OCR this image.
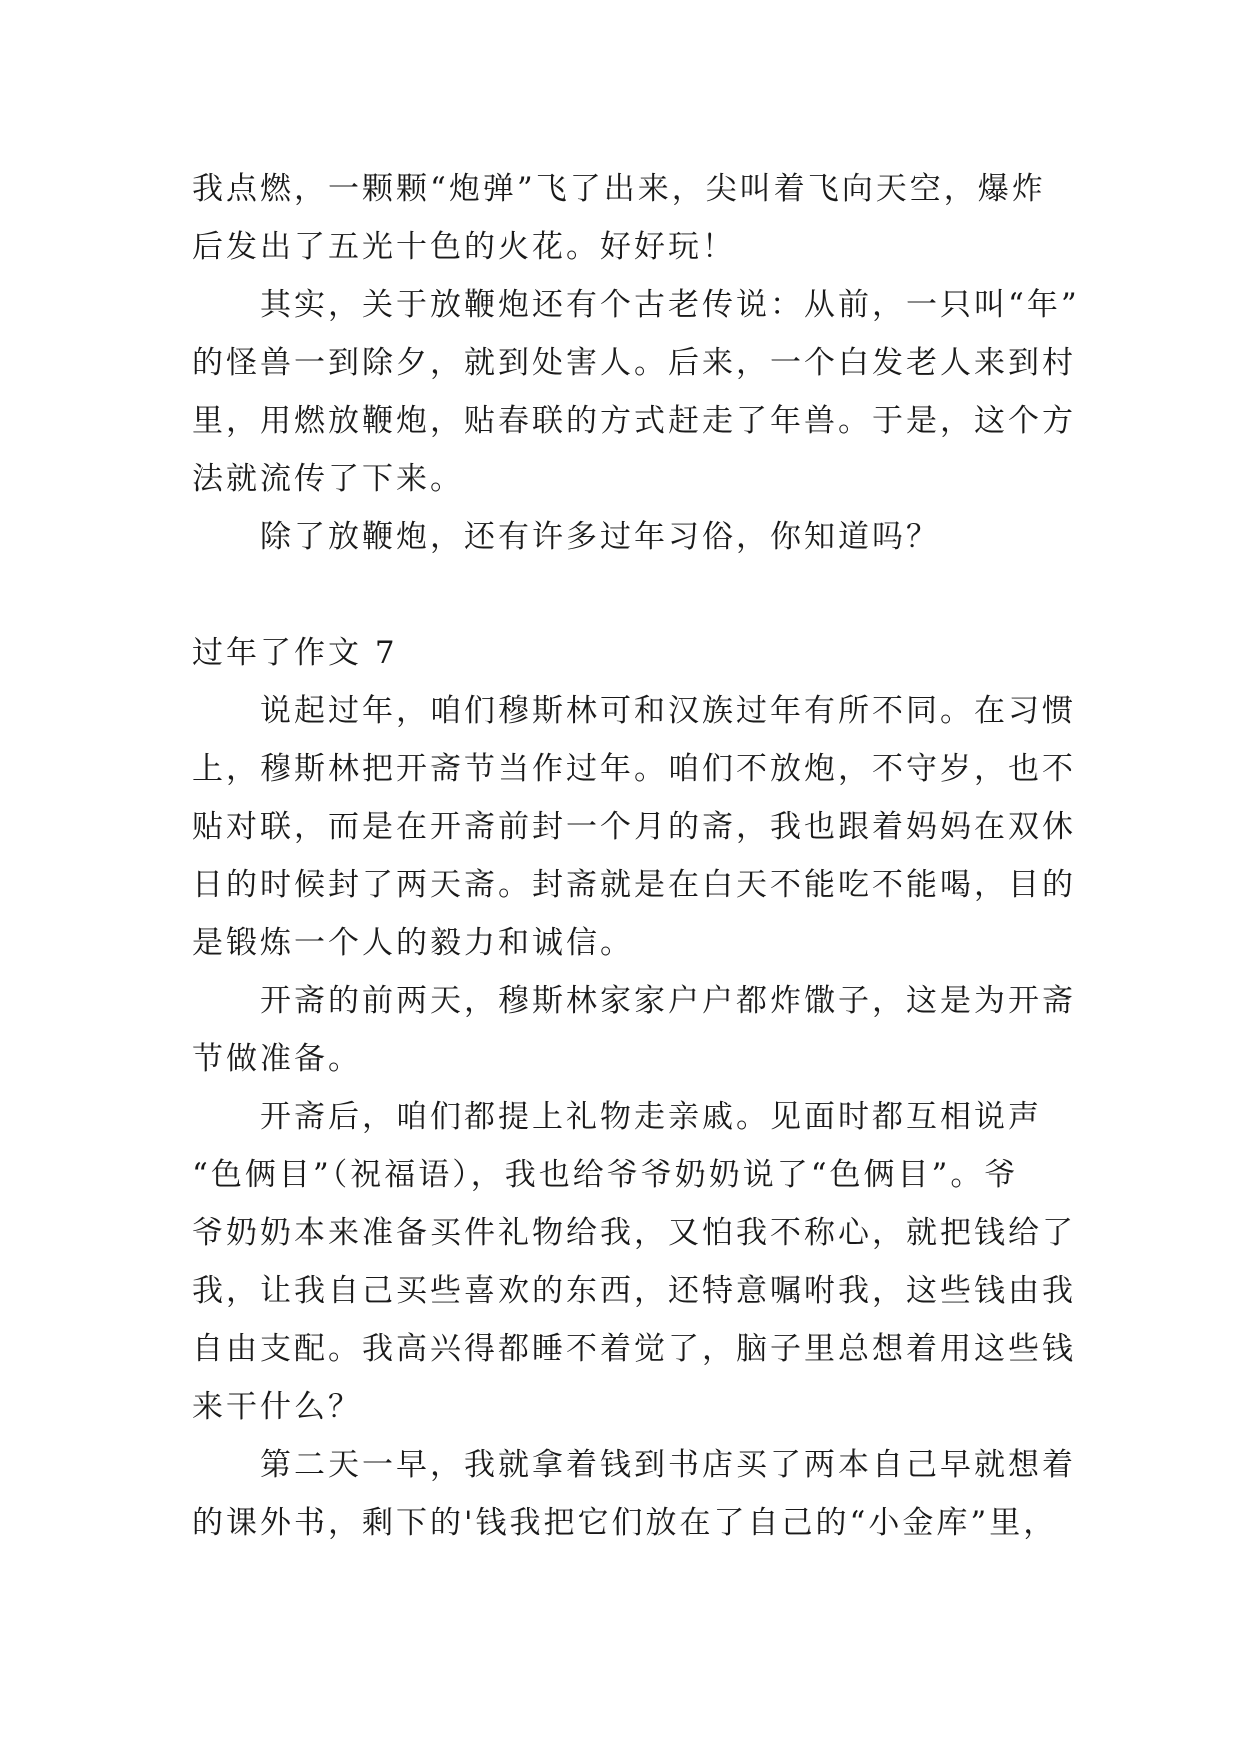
我点燃，一颗颗“炮弹”飞了出来，尖叫着飞向天空，爆炸

后发出了五光十色的火花。好好玩！

其实，关于放鞭炮还有个古老传说：从前，一只叫“年”

的怪兽一到除夕，就到处害人。后来，一个白发老人来到村

里，用燃放鞭炮，贴春联的方式赶走了年兽。于是，这个方

法就流传了下来。

除了放鞭炮，还有许多过年习俗，你知道吗？

过年了作文 7

说起过年，咱们穆斯林可和汉族过年有所不同。在习惯

上，穆斯林把开斋节当作过年。咱们不放炮，不守岁，也不

贴对联，而是在开斋前封一个月的斋，我也跟着妈妈在双休

日的时候封了两天斋。封斋就是在白天不能吃不能喝，目的

是锻炼一个人的毅力和诚信。

开斋的前两天，穆斯林家家户户都炸馓子，这是为开斋

节做准备。

开斋后，咱们都提上礼物走亲戚。见面时都互相说声

“色俩目”（祝福语），我也给爷爷奶奶说了“色俩目”。爷

爷奶奶本来准备买件礼物给我，又怕我不称心，就把钱给了

我，让我自己买些喜欢的东西，还特意嘱咐我，这些钱由我

自由支配。我高兴得都睡不着觉了，脑子里总想着用这些钱

来干什么？

第二天一早，我就拿着钱到书店买了两本自己早就想着

的课外书，剩下的'钱我把它们放在了自己的“小金库”里，
